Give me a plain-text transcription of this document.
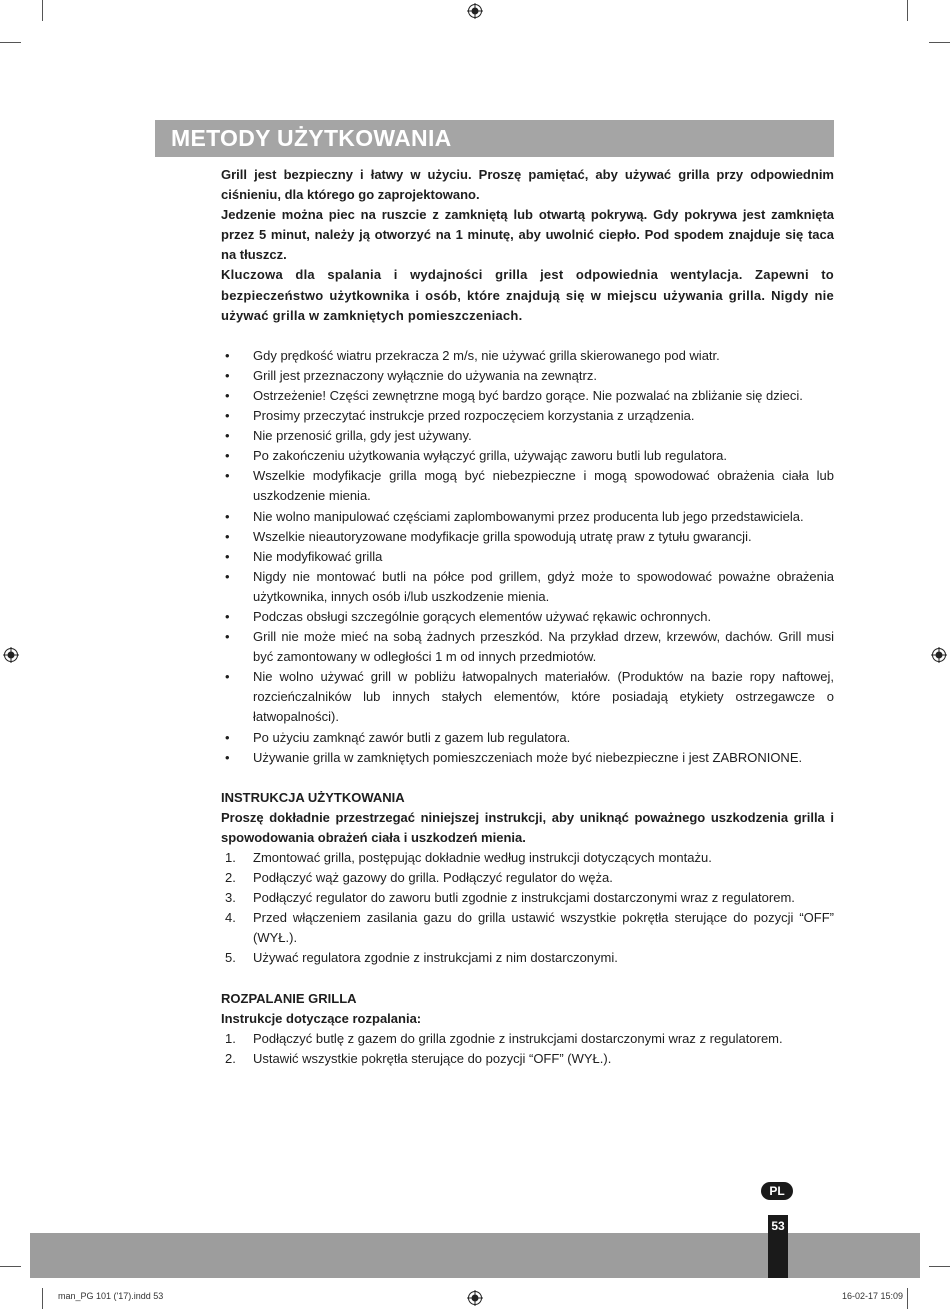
METODY UŻYTKOWANIA

Grill jest bezpieczny i łatwy w użyciu. Proszę pamiętać, aby używać grilla przy odpowiednim ciśnieniu, dla którego go zaprojektowano.

Jedzenie można piec na ruszcie z zamkniętą lub otwartą pokrywą. Gdy pokrywa jest zamknięta przez 5 minut, należy ją otworzyć na 1 minutę, aby uwolnić ciepło. Pod spodem znajduje się taca na tłuszcz.

Kluczowa dla spalania i wydajności grilla jest odpowiednia wentylacja. Zapewni to bezpieczeństwo użytkownika i osób, które znajdują się w miejscu używania grilla. Nigdy nie używać grilla w zamkniętych pomieszczeniach.

• Gdy prędkość wiatru przekracza 2 m/s, nie używać grilla skierowanego pod wiatr.
• Grill jest przeznaczony wyłącznie do używania na zewnątrz.
• Ostrzeżenie! Części zewnętrzne mogą być bardzo gorące. Nie pozwalać na zbliżanie się dzieci.
• Prosimy przeczytać instrukcje przed rozpoczęciem korzystania z urządzenia.
• Nie przenosić grilla, gdy jest używany.
• Po zakończeniu użytkowania wyłączyć grilla, używając zaworu butli lub regulatora.
• Wszelkie modyfikacje grilla mogą być niebezpieczne i mogą spowodować obrażenia ciała lub uszkodzenie mienia.
• Nie wolno manipulować częściami zaplombowanymi przez producenta lub jego przedstawiciela.
• Wszelkie nieautoryzowane modyfikacje grilla spowodują utratę praw z tytułu gwarancji.
• Nie modyfikować grilla
• Nigdy nie montować butli na półce pod grillem, gdyż może to spowodować poważne obrażenia użytkownika, innych osób i/lub uszkodzenie mienia.
• Podczas obsługi szczególnie gorących elementów używać rękawic ochronnych.
• Grill nie może mieć na sobą żadnych przeszkód. Na przykład drzew, krzewów, dachów. Grill musi być zamontowany w odległości 1 m od innych przedmiotów.
• Nie wolno używać grill w pobliżu łatwopalnych materiałów. (Produktów na bazie ropy naftowej, rozcieńczalników lub innych stałych elementów, które posiadają etykiety ostrzegawcze o łatwopalności).
• Po użyciu zamknąć zawór butli z gazem lub regulatora.
• Używanie grilla w zamkniętych pomieszczeniach może być niebezpieczne i jest ZABRONIONE.
INSTRUKCJA UŻYTKOWANIA

Proszę dokładnie przestrzegać niniejszej instrukcji, aby uniknąć poważnego uszkodzenia grilla i spowodowania obrażeń ciała i uszkodzeń mienia.

1. Zmontować grilla, postępując dokładnie według instrukcji dotyczących montażu.
2. Podłączyć wąż gazowy do grilla. Podłączyć regulator do węża.
3. Podłączyć regulator do zaworu butli zgodnie z instrukcjami dostarczonymi wraz z regulatorem.
4. Przed włączeniem zasilania gazu do grilla ustawić wszystkie pokrętła sterujące do pozycji “OFF” (WYŁ.).
5. Używać regulatora zgodnie z instrukcjami z nim dostarczonymi.
ROZPALANIE GRILLA
Instrukcje dotyczące rozpalania:
1. Podłączyć butlę z gazem do grilla zgodnie z instrukcjami dostarczonymi wraz z regulatorem.
2. Ustawić wszystkie pokrętła sterujące do pozycji “OFF” (WYŁ.).
PL
53
man_PG 101 ('17).indd 53	16-02-17 15:09
